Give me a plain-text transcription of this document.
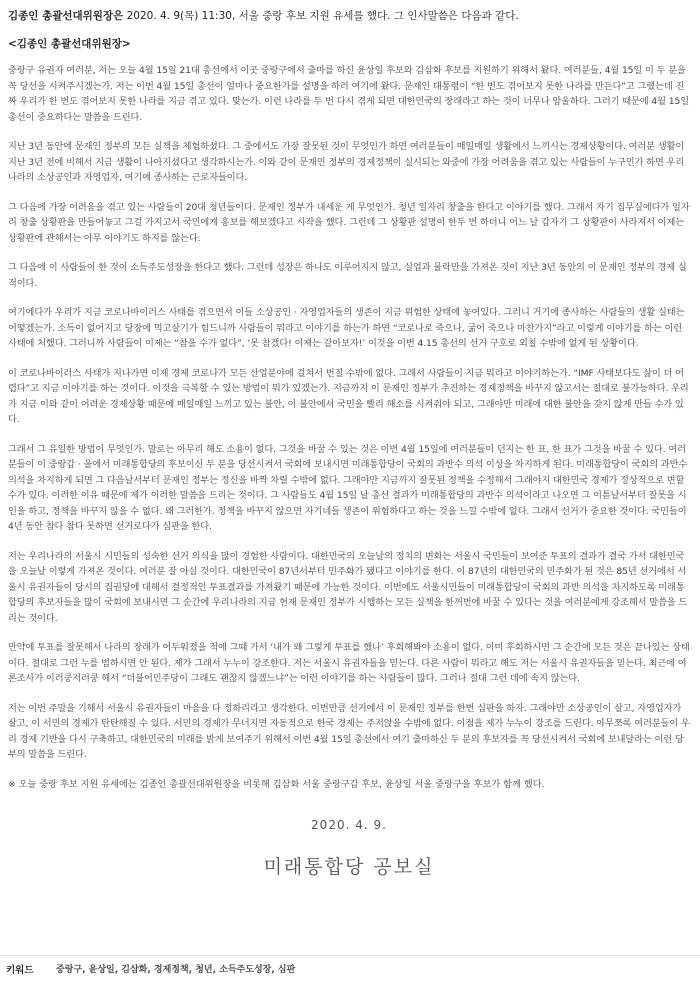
김종인 총괄선대위원장은 2020. 4. 9(목) 11:30, 서울 중랑 후보 지원 유세를 했다. 그 인사말씀은 다음과 같다.

<김종인 총괄선대위원장>

중랑구 유권자 여러분, 저는 오늘 4월 15일 21대 총선에서 이곳 중랑구에서 출마를 하신 윤상일 후보와 김삼화 후보를 지원하기 위해서 왔다. 여러분들, 4월 15일 이 두 분을 꼭 당선을 시켜주시겠는가. 저는 이번 4월 15일 총선이 얼마나 중요한가를 설명을 하러 여기에 왔다. 문재인 대통령이 “한 번도 겪어보지 못한 나라를 만든다”고 그랬는데 진짜 우리가 한 번도 겪어보지 못한 나라를 지금 겪고 있다. 맞는가. 이런 나라를 두 번 다시 겪게 되면 대한민국의 장래라고 하는 것이 너무나 암울하다. 그러기 때문에 4월 15일 총선이 중요하다는 말씀을 드린다.

지난 3년 동안에 문재인 정부의 모든 실책을 체험하셨다. 그 중에서도 가장 잘못된 것이 무엇인가 하면 여러분들이 매일매일 생활에서 느끼시는 경제상황이다. 여러분 생활이 지난 3년 전에 비해서 지금 생활이 나아지셨다고 생각하시는가. 이와 같이 문재인 정부의 경제정책이 실시되는 와중에 가장 어려움을 겪고 있는 사람들이 누구인가 하면 우리나라의 소상공인과 자영업자, 여기에 종사하는 근로자들이다.

그 다음에 가장 어려움을 겪고 있는 사람들이 20대 청년들이다. 문재인 정부가 내세운 게 무엇인가. 청년 일자리 창출을 한다고 이야기를 했다. 그래서 자기 집무실에다가 일자리 창출 상황판을 만들어놓고 그걸 가지고서 국민에게 홍보를 해보겠다고 시작을 했다. 그런데 그 상황판 설명이 한두 번 하더니 어느 날 갑자기 그 상황판이 사라져서 이제는 상황판에 관해서는 아무 이야기도 하지를 않는다.

그 다음에 이 사람들이 한 것이 소득주도성장을 한다고 했다. 그런데 성장은 하나도 이루어지지 않고, 실업과 물락만을 가져온 것이 지난 3년 동안의 이 문재인 정부의 경제 실적이다.

여기에다가 우리가 지금 코로나바이러스 사태를 겪으면서 이들 소상공인 · 자영업자들의 생존이 지금 위험한 상태에 놓여있다. 그러니 거기에 종사하는 사람들의 생활 실태는 어떻겠는가. 소득이 없어지고 당장에 먹고살기가 힘드니까 사람들이 뭐라고 이야기를 하는가 하면 “코로나로 죽으나, 굶어 죽으나 마찬가지”라고 이렇게 이야기를 하는 이런 사태에 처했다. 그러니까 사람들이 이제는 “참을 수가 없다”, ‘못 참겠다! 이제는 갈아보자!’ 이것을 이번 4.15 총선의 선거 구호로 외칠 수밖에 없게 된 상황이다.

이 코로나바이러스 사태가 지나가면 이제 경제 코로나가 모든 산업분야에 걸쳐서 번질 수밖에 없다. 그래서 사람들이 지금 뭐라고 이야기하는가. “IMF 사태보다도 삶이 더 어렵다”고 지금 이야기를 하는 것이다. 이것을 극복할 수 있는 방법이 뭐가 있겠는가. 지금까지 이 문재인 정부가 추진하는 경제정책을 바꾸지 않고서는 절대로 불가능하다. 우리가 지금 이와 같이 어려운 경제상황 때문에 매일매일 느끼고 있는 불안, 이 불안에서 국민을 빨리 해소를 시켜줘야 되고, 그래야만 미래에 대한 불안을 갖지 않게 만들 수가 있다.

그래서 그 유일한 방법이 무엇인가. 말로는 아무리 해도 소용이 없다. 그것을 바꿀 수 있는 것은 이번 4월 15일에 여러분들이 던지는 한 표, 한 표가 그것을 바꿀 수 있다. 여러분들이 이 중랑갑 · 을에서 미래통합당의 후보이신 두 분을 당선시켜서 국회에 보내시면 미래통합당이 국회의 과반수 의석 이상을 차지하게 된다. 미래통합당이 국회의 과반수 의석을 차지하게 되면 그 다음날서부터 문재인 정부는 정신을 바짝 차릴 수밖에 없다. 그래야만 지금까지 잘못된 정책을 수정해서 그래야지 대한민국 경제가 정상적으로 변할 수가 있다. 이러한 이유 때문에 제가 이러한 말씀을 드리는 것이다. 그 사람들도 4월 15일 날 총선 결과가 미래통합당의 과반수 의석이라고 나오면 그 이튿날서부터 잘못을 시인을 하고, 정책을 바꾸지 않을 수 없다. 왜 그러한가. 정책을 바꾸지 않으면 자기네들 생존이 위험하다고 하는 것을 느낄 수밖에 없다. 그래서 선거가 중요한 것이다. 국민들이 4년 동안 참다 참다 못하면 선거로다가 심판을 한다.

저는 우리나라의 서울시 시민들의 성숙한 선거 의식을 많이 경험한 사람이다. 대한민국의 오늘날의 정치의 변화는 서울시 국민들이 보여준 투표의 결과가 결국 가서 대한민국을 오늘날 이렇게 가져온 것이다. 여러분 잘 아실 것이다. 대한민국이 87년서부터 민주화가 됐다고 이야기를 한다. 이 87년의 대한민국의 민주화가 된 것은 85년 선거에서 서울시 유권자들이 당시의 집권당에 대해서 결정적인 투표결과를 가져왔기 때문에 가능한 것이다. 이번에도 서울시민들이 미래통합당이 국회의 과반 의석을 차지하도록 미래통합당의 후보자들을 많이 국회에 보내시면 그 순간에 우리나라의 지금 현재 문재인 정부가 시행하는 모든 실책을 한꺼번에 바꿀 수 있다는 것을 여러분에게 강조해서 말씀을 드리는 것이다.

만약에 투표를 잘못해서 나라의 장래가 어두워졌을 적에 그때 가서 ‘내가 왜 그렇게 투표를 했나’ 후회해봐야 소용이 없다. 이미 후회하시면 그 순간에 모든 것은 끝나있는 상태이다. 절대로 그런 누를 범하시면 안 된다. 제가 그래서 누누이 강조한다. 저는 서울시 유권자들을 믿는다. 다른 사람이 뭐라고 해도 저는 서울시 유권자들을 믿는다. 최근에 여론조사가 이러쿵저러쿵 해서 “더불어민주당이 그래도 괜찮지 않겠느냐”는 이런 이야기를 하는 사람들이 많다. 그러나 절대 그런 데에 속지 않는다.

저는 이번 주말을 기해서 서울시 유권자들이 마음을 다 정하리라고 생각한다. 이번만큼 선거에서 이 문재인 정부를 한번 심판을 하자. 그래야만 소상공인이 살고, 자영업자가 살고, 이 서민의 경제가 탄탄해질 수 있다. 서민의 경제가 무너지면 자동적으로 한국 경제는 주저앉을 수밖에 없다. 이점을 제가 누누이 강조를 드린다. 아무쪼록 여러분들이 우리 경제 기반을 다시 구축하고, 대한민국의 미래를 밝게 보여주기 위해서 이번 4월 15일 총선에서 여기 출마하신 두 분의 후보자를 꼭 당선시켜서 국회에 보내달라는 이런 당부의 말씀을 드린다.

※ 오늘 중랑 후보 지원 유세에는 김종인 총괄선대위원장을 비롯해 김삼화 서울 중랑구갑 후보, 윤상일 서울 중랑구을 후보가 함께 했다.

2020. 4. 9.
미래통합당 공보실
키워드	중랑구, 윤상일, 김삼화, 경제정책, 청년, 소득주도성장, 심판
